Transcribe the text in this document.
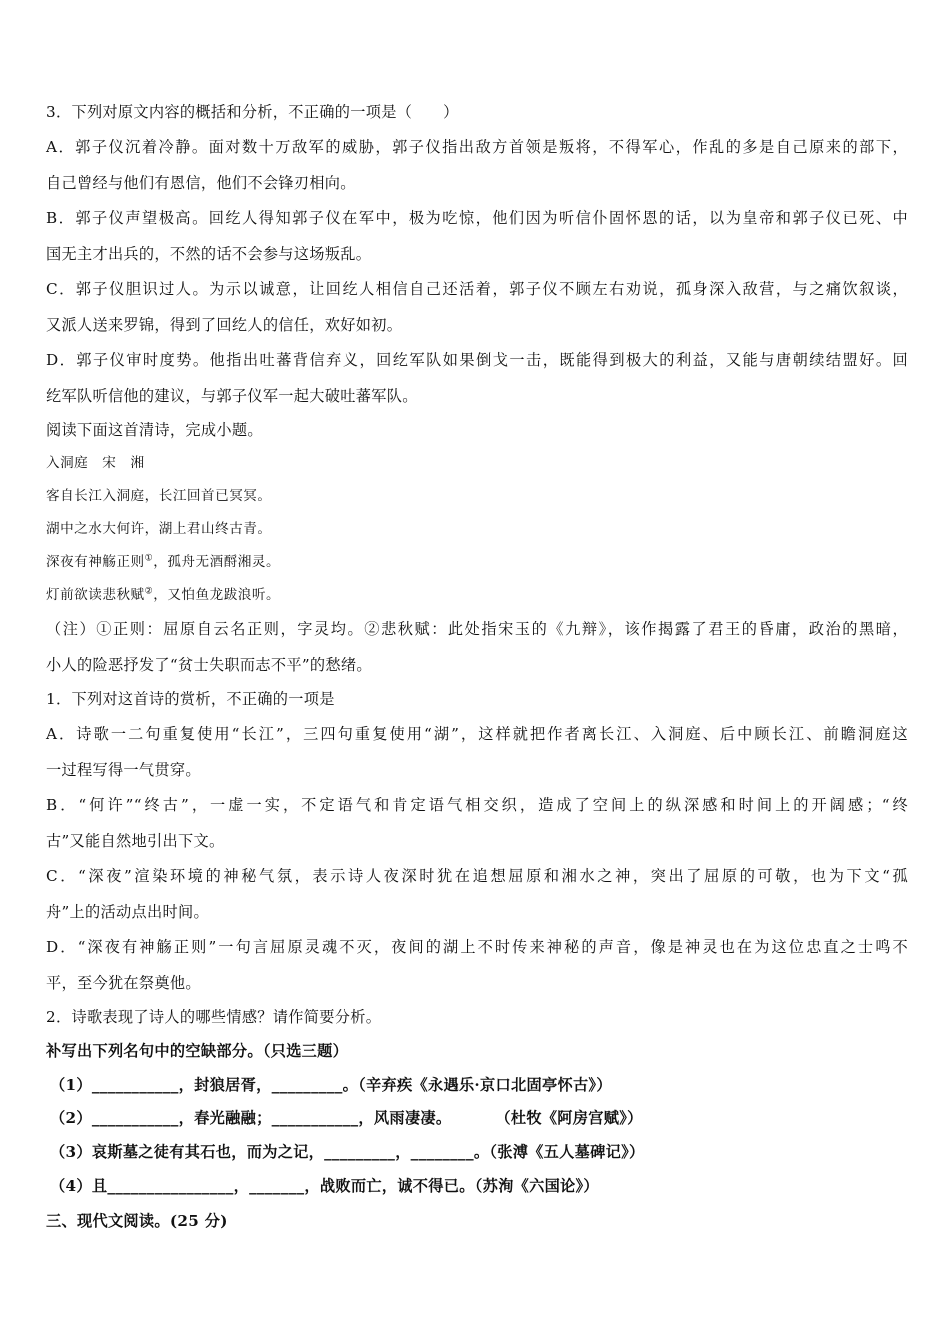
3．下列对原文内容的概括和分析，不正确的一项是（　　）
A．郭子仪沉着冷静。面对数十万敌军的威胁，郭子仪指出敌方首领是叛将，不得军心，作乱的多是自己原来的部下，
自己曾经与他们有恩信，他们不会锋刃相向。
B．郭子仪声望极高。回纥人得知郭子仪在军中，极为吃惊，他们因为听信仆固怀恩的话，以为皇帝和郭子仪已死、中
国无主才出兵的，不然的话不会参与这场叛乱。
C．郭子仪胆识过人。为示以诚意，让回纥人相信自己还活着，郭子仪不顾左右劝说，孤身深入敌营，与之痛饮叙谈，
又派人送来罗锦，得到了回纥人的信任，欢好如初。
D．郭子仪审时度势。他指出吐蕃背信弃义，回纥军队如果倒戈一击，既能得到极大的利益，又能与唐朝续结盟好。回
纥军队听信他的建议，与郭子仪军一起大破吐蕃军队。
阅读下面这首清诗，完成小题。
入洞庭 宋　湘
客自长江入洞庭，长江回首已冥冥。
湖中之水大何许，湖上君山终古青。
深夜有神觞正则①，孤舟无酒酹湘灵。
灯前欲读悲秋赋②，又怕鱼龙跋浪听。
（注）①正则：屈原自云名正则，字灵均。②悲秋赋：此处指宋玉的《九辩》，该作揭露了君王的昏庸，政治的黑暗，
小人的险恶抒发了“贫士失职而志不平”的愁绪。
1．下列对这首诗的赏析，不正确的一项是
A．诗歌一二句重复使用“长江”，三四句重复使用“湖”，这样就把作者离长江、入洞庭、后中顾长江、前瞻洞庭这
一过程写得一气贯穿。
B．“何许”“终古”，一虚一实，不定语气和肯定语气相交织，造成了空间上的纵深感和时间上的开阔感；“终
古”又能自然地引出下文。
C．“深夜”渲染环境的神秘气氛，表示诗人夜深时犹在追想屈原和湘水之神，突出了屈原的可敬，也为下文“孤
舟”上的活动点出时间。
D．“深夜有神觞正则”一句言屈原灵魂不灭，夜间的湖上不时传来神秘的声音，像是神灵也在为这位忠直之士鸣不
平，至今犹在祭奠他。
2．诗歌表现了诗人的哪些情感？请作简要分析。
补写出下列名句中的空缺部分。（只选三题）
（1）___________，封狼居胥，_________。（辛弃疾《永遇乐·京口北固亭怀古》）
（2）___________，春光融融；___________，风雨凄凄。	（杜牧《阿房宫赋》）
（3）哀斯墓之徒有其石也，而为之记，_________，________。（张溥《五人墓碑记》）
（4）且________________，_______，战败而亡，诚不得已。（苏洵《六国论》）
三、现代文阅读。(25 分)
